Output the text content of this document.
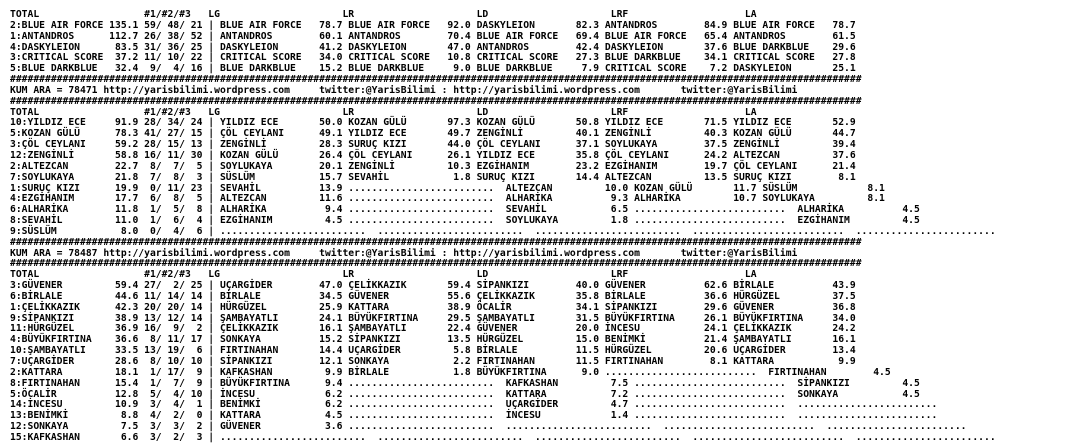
TOTAL                  #1/#2/#3   LG                     LR                     LD                     LRF                    LA
2:BLUE AIR FORCE 135.1 59/ 48/ 21 | BLUE AIR FORCE   78.7 BLUE AIR FORCE   92.0 DASKYLEION       82.3 ANTANDROS        84.9 BLUE AIR FORCE   78.7
1:ANTANDROS      112.7 26/ 38/ 52 | ANTANDROS        60.1 ANTANDROS        70.4 BLUE AIR FORCE   69.4 BLUE AIR FORCE   65.4 ANTANDROS        61.5
4:DASKYLEION      83.5 31/ 36/ 25 | DASKYLEION       41.2 DASKYLEION       47.0 ANTANDROS        42.4 DASKYLEION       37.6 BLUE DARKBLUE    29.6
3:CRITICAL SCORE  37.2 11/ 10/ 22 | CRITICAL SCORE   34.0 CRITICAL SCORE   10.8 CRITICAL SCORE   27.3 BLUE DARKBLUE    34.1 CRITICAL SCORE   27.8
5:BLUE DARKBLUE   32.4  9/  4/ 16 | BLUE DARKBLUE    15.2 BLUE DARKBLUE     9.0 BLUE DARKBLUE     7.9 CRITICAL SCORE    7.2 DASKYLEION       25.1
##################################################################################################################################################
KUM ARA = 78471 http://yarisbilimi.wordpress.com     twitter:@YarisBilimi : http://yarisbilimi.wordpress.com       twitter:@YarisBilimi
##################################################################################################################################################
TOTAL                  #1/#2/#3   LG                     LR                     LD                     LRF                    LA
10:YILDIZ ECE     91.9 28/ 34/ 24 | YILDIZ ECE       50.0 KOZAN GÜLÜ       97.3 KOZAN GÜLÜ       50.8 YILDIZ ECE       71.5 YILDIZ ECE       52.9
5:KOZAN GÜLÜ      78.3 41/ 27/ 15 | ÇÖL CEYLANI      49.1 YILDIZ ECE       49.7 ZENGİNLİ         40.1 ZENGİNLİ         40.3 KOZAN GÜLÜ       44.7
3:ÇÖL CEYLANI     59.2 28/ 15/ 13 | ZENGİNLİ         28.3 SURUÇ KIZI       44.0 ÇÖL CEYLANI      37.1 SOYLUKAYA        37.5 ZENGİNLİ         39.4
12:ZENGİNLİ       58.8 16/ 11/ 30 | KOZAN GÜLÜ       26.4 ÇÖL CEYLANI      26.1 YILDIZ ECE       35.8 ÇÖL CEYLANI      24.2 ALTEZCAN         37.6
2:ALTEZCAN        22.7  8/  7/  5 | SOYLUKAYA        20.1 ZENGİNLİ         10.3 EZGİHANIM        23.2 EZGİHANIM        19.7 ÇÖL CEYLANI      21.4
7:SOYLUKAYA       21.8  7/  8/  3 | SÜSLÜM           15.7 SEVAHİL           1.8 SURUÇ KIZI       14.4 ALTEZCAN         13.5 SURUÇ KIZI        8.1
1:SURUÇ KIZI      19.9  0/ 11/ 23 | SEVAHİL          13.9 .........................  ALTEZCAN         10.0 KOZAN GÜLÜ       11.7 SÜSLÜM            8.1
4:EZGİHANIM       17.7  6/  8/  5 | ALTEZCAN         11.6 .........................  ALHARİKA          9.3 ALHARİKA         10.7 SOYLUKAYA         8.1
6:ALHARİKA        11.8  1/  5/  8 | ALHARİKA          9.4 .........................  SEVAHİL           6.5 ..........................  ALHARİKA          4.5
8:SEVAHİL         11.0  1/  6/  4 | EZGİHANIM         4.5 .........................  SOYLUKAYA         1.8 ..........................  EZGİHANIM         4.5
9:SÜSLÜM           8.0  0/  4/  6 | .........................  .........................  .........................  ..........................  ........................
##################################################################################################################################################
KUM ARA = 78487 http://yarisbilimi.wordpress.com     twitter:@YarisBilimi : http://yarisbilimi.wordpress.com       twitter:@YarisBilimi
##################################################################################################################################################
TOTAL                  #1/#2/#3   LG                     LR                     LD                     LRF                    LA
3:GÜVENER         59.4 27/  2/ 25 | UÇARGİDER        47.0 ÇELİKKAZIK       59.4 SİPANKIZI        40.0 GÜVENER          62.6 BİRLALE          43.9
6:BİRLALE         44.6 11/ 14/ 14 | BİRLALE          34.5 GÜVENER          55.6 ÇELİKKAZIK       35.8 BİRLALE          36.6 HÜRGÜZEL         37.5
1:ÇELİKKAZIK      42.3 20/ 20/ 14 | HÜRGÜZEL         25.9 KATTARA          38.9 ÖCALİR           34.1 SİPANKIZI        29.6 GÜVENER          36.8
9:SİPANKIZI       38.9 13/ 12/ 14 | ŞAMBAYATLI       24.1 BÜYÜKFIRTINA     29.5 ŞAMBAYATLI       31.5 BÜYÜKFIRTINA     26.1 BÜYÜKFIRTINA     34.0
11:HÜRGÜZEL       36.9 16/  9/  2 | ÇELİKKAZIK       16.1 ŞAMBAYATLI       22.4 GÜVENER          20.0 İNCESU           24.1 ÇELİKKAZIK       24.2
4:BÜYÜKFIRTINA    36.6  8/ 11/ 17 | SONKAYA          15.2 SİPANKIZI        13.5 HÜRGÜZEL         15.0 BENİMKİ          21.4 ŞAMBAYATLI       16.1
10:ŞAMBAYATLI     33.5 13/ 19/  6 | FIRTINAHAN       14.4 UÇARGİDER         5.8 BİRLALE          11.5 HÜRGÜZEL         20.6 UÇARGİDER        13.4
7:UÇARGİDER       28.6  8/ 10/ 10 | SİPANKIZI        12.1 SONKAYA           2.2 FIRTINAHAN       11.5 FIRTINAHAN        8.1 KATTARA           9.9
2:KATTARA         18.1  1/ 17/  9 | KAFKASHAN         9.9 BİRLALE           1.8 BÜYÜKFIRTINA      9.0 ..........................  FIRTINAHAN        4.5
8:FIRTINAHAN      15.4  1/  7/  9 | BÜYÜKFIRTINA      9.4 .........................  KAFKASHAN         7.5 ..........................  SİPANKIZI         4.5
5:ÖCALİR          12.8  5/  4/ 10 | İNCESU            6.2 .........................  KATTARA           7.2 ..........................  SONKAYA           4.5
14:İNCESU         10.9  3/  4/  1 | BENİMKİ           6.2 .........................  UÇARGİDER         4.7 ..........................  ........................
13:BENİMKİ         8.8  4/  2/  0 | KATTARA           4.5 .........................  İNCESU            1.4 ..........................  ........................
12:SONKAYA         7.5  3/  3/  2 | GÜVENER           3.6 .........................  .........................  ..........................  ........................
15:KAFKASHAN       6.6  3/  2/  3 | .........................  .........................  .........................  ..........................  ........................
